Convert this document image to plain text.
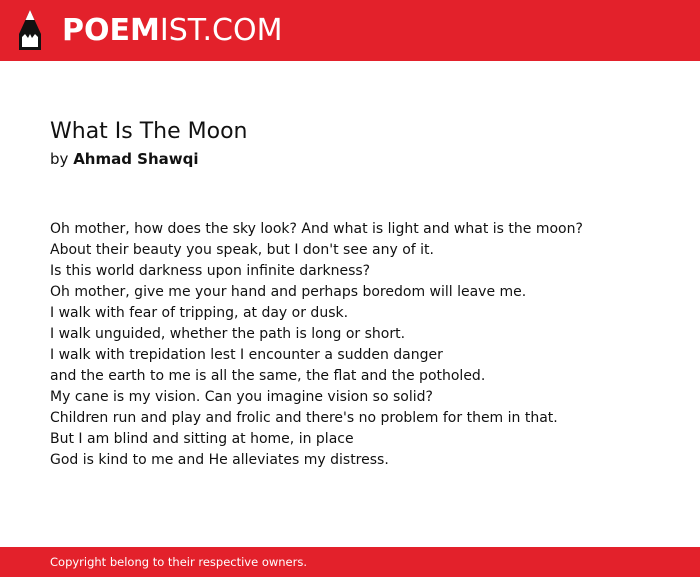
POEMIST.COM
What Is The Moon
by Ahmad Shawqi
Oh mother, how does the sky look? And what is light and what is the moon?
About their beauty you speak, but I don't see any of it.
Is this world darkness upon infinite darkness?
Oh mother, give me your hand and perhaps boredom will leave me.
I walk with fear of tripping, at day or dusk.
I walk unguided, whether the path is long or short.
I walk with trepidation lest I encounter a sudden danger
and the earth to me is all the same, the flat and the potholed.
My cane is my vision. Can you imagine vision so solid?
Children run and play and frolic and there's no problem for them in that.
But I am blind and sitting at home, in place
God is kind to me and He alleviates my distress.
Copyright belong to their respective owners.
